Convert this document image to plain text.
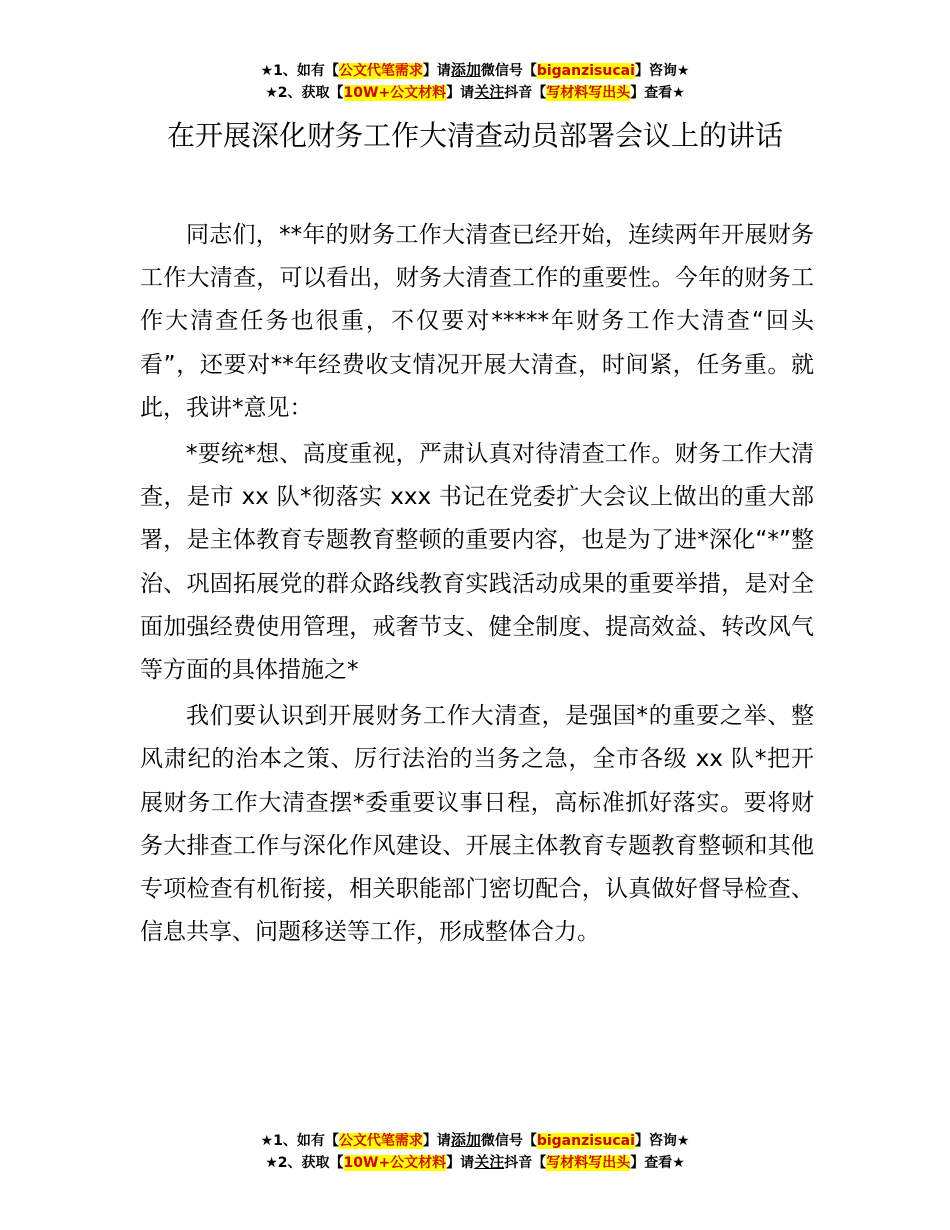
★1、如有【公文代笔需求】请添加微信号【biganzisucai】咨询★
★2、获取【10W+公文材料】请关注抖音【写材料写出头】查看★
在开展深化财务工作大清查动员部署会议上的讲话

同志们，**年的财务工作大清查已经开始，连续两年开展财务工作大清查，可以看出，财务大清查工作的重要性。今年的财务工作大清查任务也很重，不仅要对*****年财务工作大清查“回头看”，还要对**年经费收支情况开展大清查，时间紧，任务重。就此，我讲*意见：

*要统*想、高度重视，严肃认真对待清查工作。财务工作大清查，是市 xx 队*彻落实 xxx 书记在党委扩大会议上做出的重大部署，是主体教育专题教育整顿的重要内容，也是为了进*深化“*”整治、巩固拓展党的群众路线教育实践活动成果的重要举措，是对全面加强经费使用管理，戒奢节支、健全制度、提高效益、转改风气等方面的具体措施之*

我们要认识到开展财务工作大清查，是强国*的重要之举、整风肃纪的治本之策、厉行法治的当务之急，全市各级 xx 队*把开展财务工作大清查摆*委重要议事日程，高标准抓好落实。要将财务大排查工作与深化作风建设、开展主体教育专题教育整顿和其他专项检查有机衔接，相关职能部门密切配合，认真做好督导检查、信息共享、问题移送等工作，形成整体合力。

★1、如有【公文代笔需求】请添加微信号【biganzisucai】咨询★
★2、获取【10W+公文材料】请关注抖音【写材料写出头】查看★
